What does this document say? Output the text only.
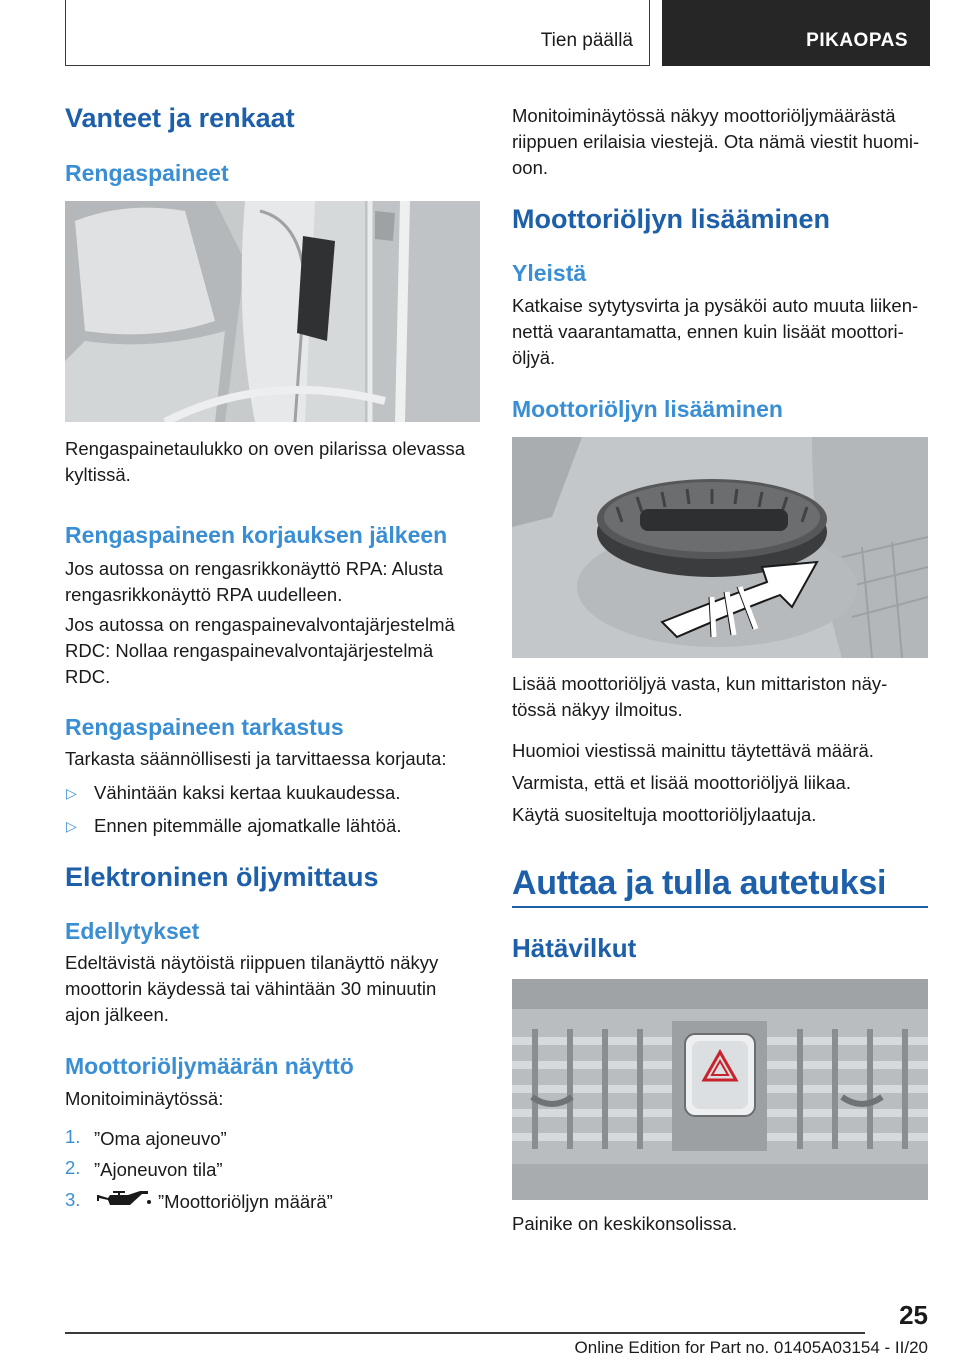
Tien päällä	PIKAOPAS
Vanteet ja renkaat
Rengaspaineet
Rengaspainetaulukko on oven pilarissa olevassa
kyltissä.
Rengaspaineen korjauksen jälkeen
Jos autossa on rengasrikkonäyttö RPA: Alusta
rengasrikkonäyttö RPA uudelleen.
Jos autossa on rengaspainevalvontajärjestelmä
RDC: Nollaa rengaspainevalvontajärjestelmä
RDC.
Rengaspaineen tarkastus
Tarkasta säännöllisesti ja tarvittaessa korjauta:
▷ Vähintään kaksi kertaa kuukaudessa.
▷ Ennen pitemmälle ajomatkalle lähtöä.
Elektroninen öljymittaus
Edellytykset
Edeltävistä näytöistä riippuen tilanäyttö näkyy
moottorin käydessä tai vähintään 30 minuutin
ajon jälkeen.
Moottoriöljymäärän näyttö
Monitoiminäytössä:
1. ”Oma ajoneuvo”
2. ”Ajoneuvon tila”
3.	”Moottoriöljyn määrä”
Monitoiminäytössä näkyy moottoriöljymäärästä
riippuen erilaisia viestejä. Ota nämä viestit huomi-
oon.
Moottoriöljyn lisääminen
Yleistä
Katkaise sytytysvirta ja pysäköi auto muuta liiken-
nettä vaarantamatta, ennen kuin lisäät moottori-
öljyä.
Moottoriöljyn lisääminen
Lisää moottoriöljyä vasta, kun mittariston näy-
tössä näkyy ilmoitus.
Huomioi viestissä mainittu täytettävä määrä.
Varmista, että et lisää moottoriöljyä liikaa.
Käytä suositeltuja moottoriöljylaatuja.
Auttaa ja tulla autetuksi
Hätävilkut
Painike on keskikonsolissa.
25
Online Edition for Part no. 01405A03154 - II/20
